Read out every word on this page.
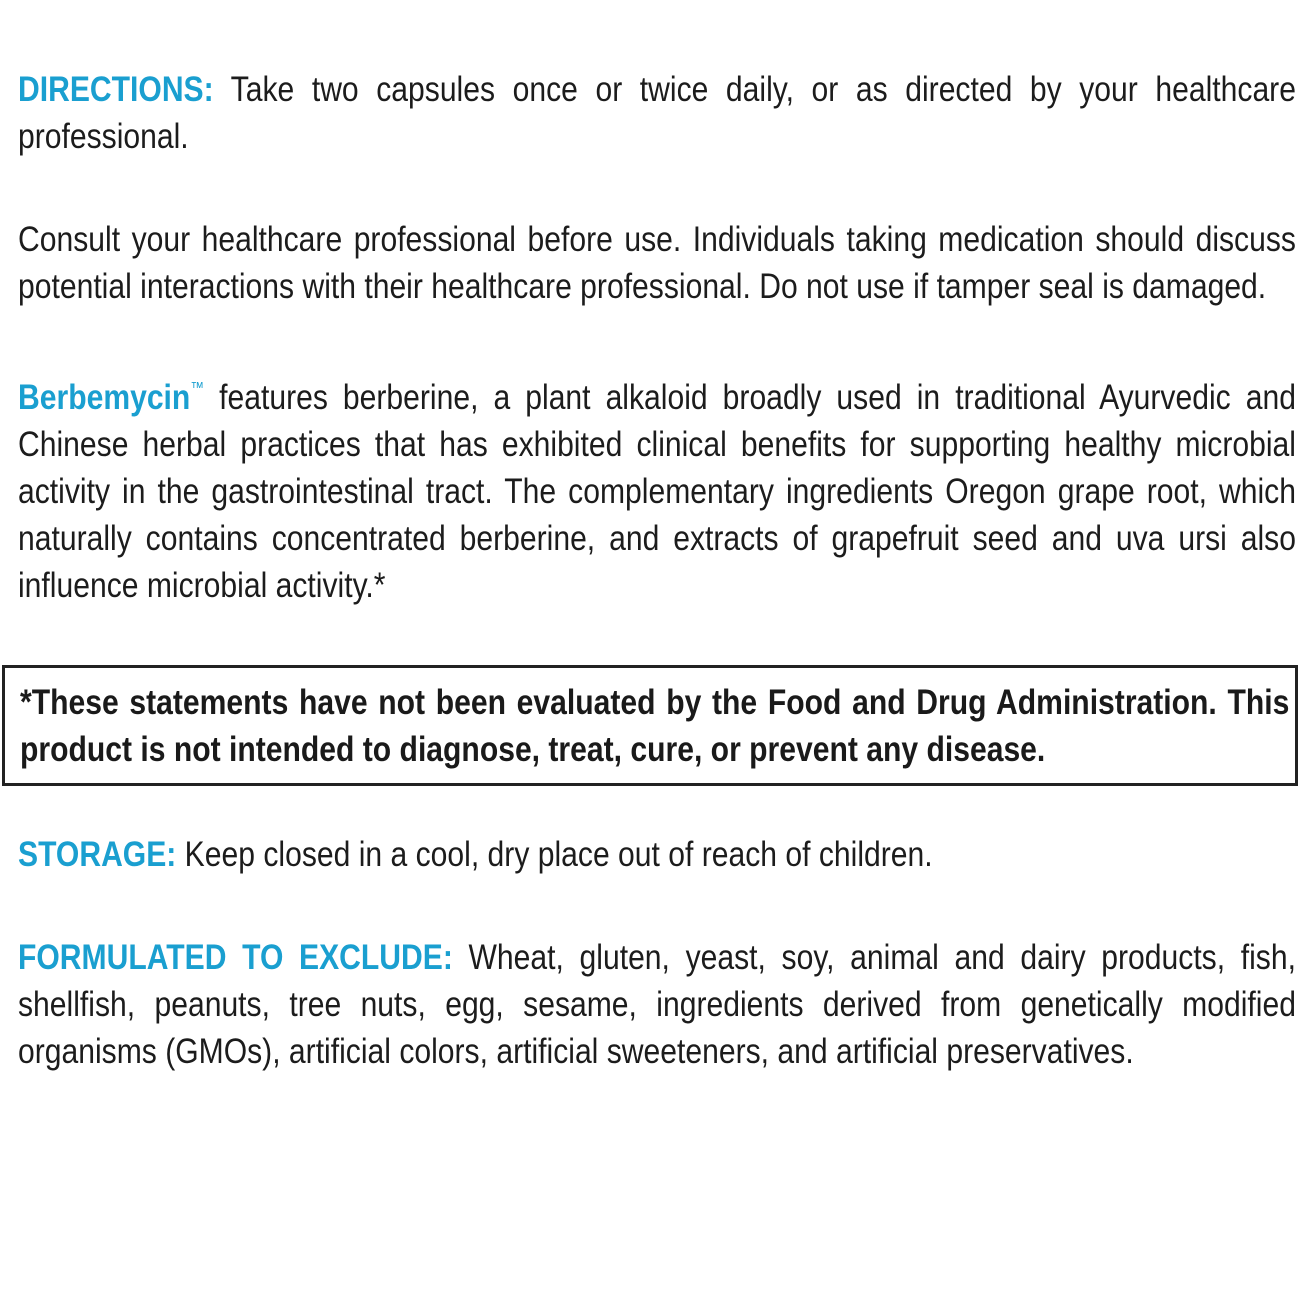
DIRECTIONS: Take two capsules once or twice daily, or as directed by your healthcare professional.

Consult your healthcare professional before use. Individuals taking medication should discuss potential interactions with their healthcare professional. Do not use if tamper seal is damaged.

Berbemycin™ features berberine, a plant alkaloid broadly used in traditional Ayurvedic and Chinese herbal practices that has exhibited clinical benefits for supporting healthy microbial activity in the gastrointestinal tract. The complementary ingredients Oregon grape root, which naturally contains concentrated berberine, and extracts of grapefruit seed and uva ursi also influence microbial activity.*

*These statements have not been evaluated by the Food and Drug Administration. This product is not intended to diagnose, treat, cure, or prevent any disease.

STORAGE: Keep closed in a cool, dry place out of reach of children.

FORMULATED TO EXCLUDE: Wheat, gluten, yeast, soy, animal and dairy products, fish, shellfish, peanuts, tree nuts, egg, sesame, ingredients derived from genetically modified organisms (GMOs), artificial colors, artificial sweeteners, and artificial preservatives.
